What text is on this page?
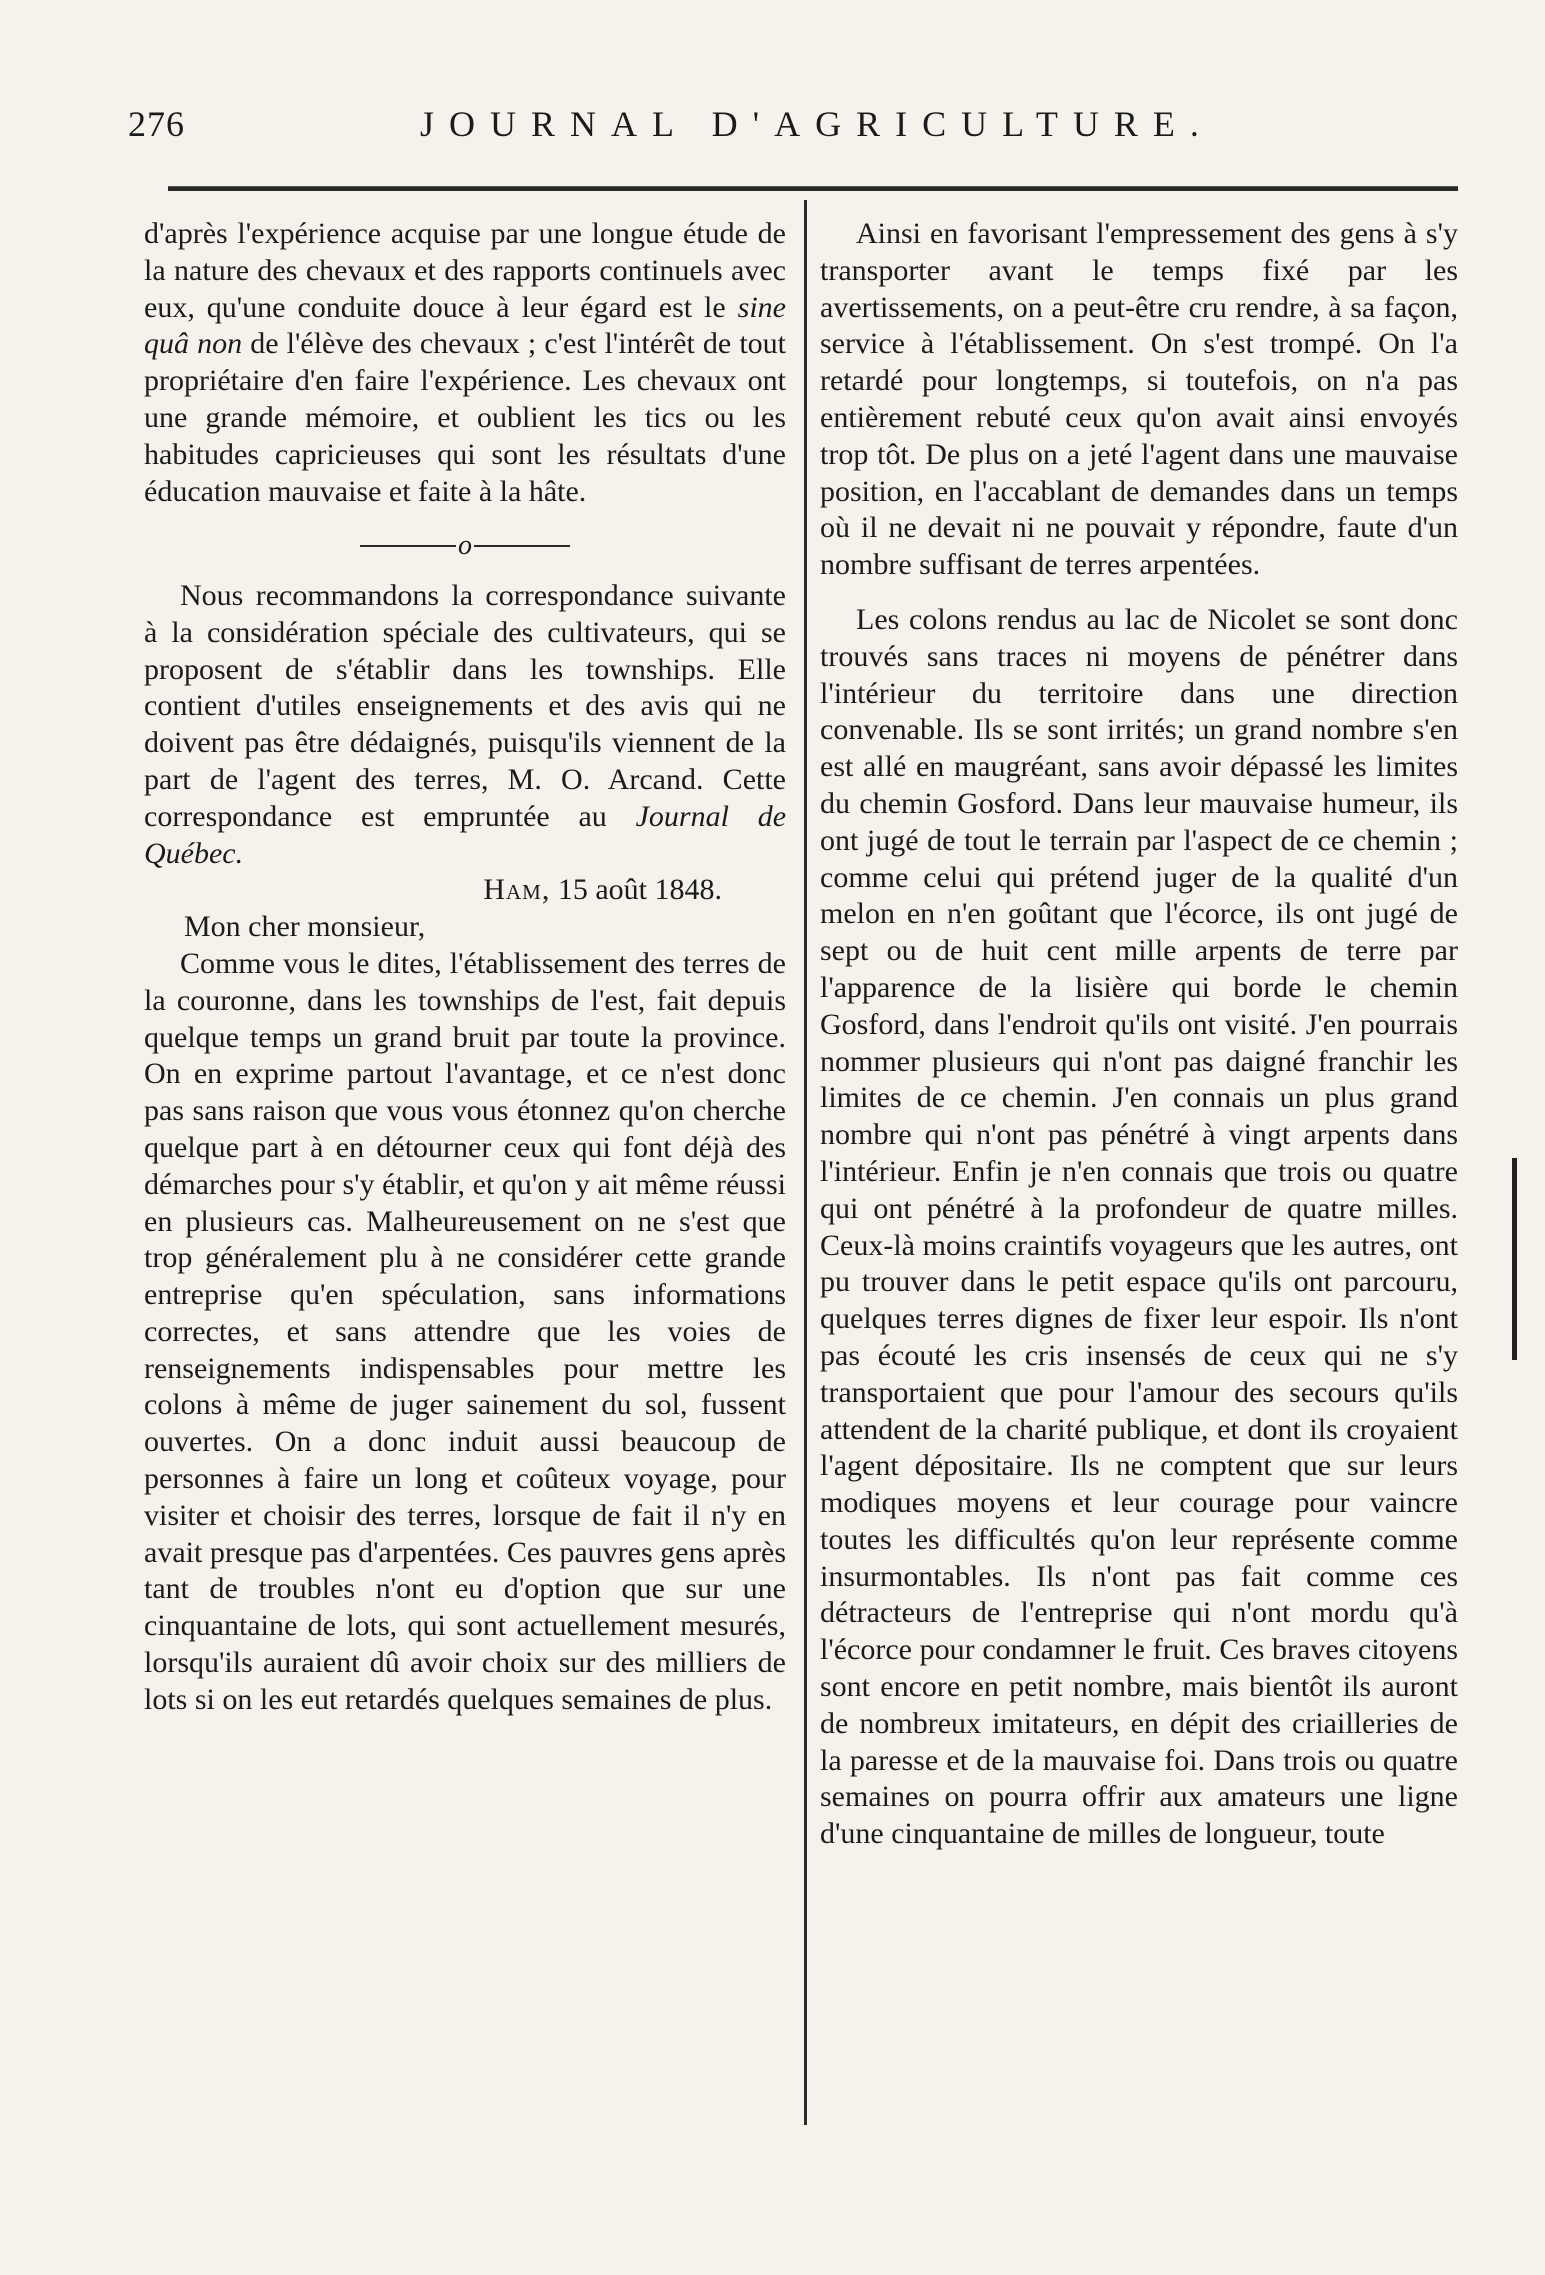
276	JOURNAL D'AGRICULTURE.

d'après l'expérience acquise par une longue étude de la nature des chevaux et des rapports continuels avec eux, qu'une conduite douce à leur égard est le sine quâ non de l'élève des chevaux ; c'est l'intérêt de tout propriétaire d'en faire l'expérience. Les chevaux ont une grande mémoire, et oublient les tics ou les habitudes capricieuses qui sont les résultats d'une éducation mauvaise et faite à la hâte.

o

Nous recommandons la correspondance suivante à la considération spéciale des cultivateurs, qui se proposent de s'établir dans les townships. Elle contient d'utiles enseignements et des avis qui ne doivent pas être dédaignés, puisqu'ils viennent de la part de l'agent des terres, M. O. Arcand. Cette correspondance est empruntée au Journal de Québec.

Ham, 15 août 1848.

Mon cher monsieur,

Comme vous le dites, l'établissement des terres de la couronne, dans les townships de l'est, fait depuis quelque temps un grand bruit par toute la province. On en exprime partout l'avantage, et ce n'est donc pas sans raison que vous vous étonnez qu'on cherche quelque part à en détourner ceux qui font déjà des démarches pour s'y établir, et qu'on y ait même réussi en plusieurs cas. Malheureusement on ne s'est que trop généralement plu à ne considérer cette grande entreprise qu'en spéculation, sans informations correctes, et sans attendre que les voies de renseignements indispensables pour mettre les colons à même de juger sainement du sol, fussent ouvertes. On a donc induit aussi beaucoup de personnes à faire un long et coûteux voyage, pour visiter et choisir des terres, lorsque de fait il n'y en avait presque pas d'arpentées. Ces pauvres gens après tant de troubles n'ont eu d'option que sur une cinquantaine de lots, qui sont actuellement mesurés, lorsqu'ils auraient dû avoir choix sur des milliers de lots si on les eut retardés quelques semaines de plus.

Ainsi en favorisant l'empressement des gens à s'y transporter avant le temps fixé par les avertissements, on a peut-être cru rendre, à sa façon, service à l'établissement. On s'est trompé. On l'a retardé pour longtemps, si toutefois, on n'a pas entièrement rebuté ceux qu'on avait ainsi envoyés trop tôt. De plus on a jeté l'agent dans une mauvaise position, en l'accablant de demandes dans un temps où il ne devait ni ne pouvait y répondre, faute d'un nombre suffisant de terres arpentées.

Les colons rendus au lac de Nicolet se sont donc trouvés sans traces ni moyens de pénétrer dans l'intérieur du territoire dans une direction convenable. Ils se sont irrités; un grand nombre s'en est allé en maugréant, sans avoir dépassé les limites du chemin Gosford. Dans leur mauvaise humeur, ils ont jugé de tout le terrain par l'aspect de ce chemin ; comme celui qui prétend juger de la qualité d'un melon en n'en goûtant que l'écorce, ils ont jugé de sept ou de huit cent mille arpents de terre par l'apparence de la lisière qui borde le chemin Gosford, dans l'endroit qu'ils ont visité. J'en pourrais nommer plusieurs qui n'ont pas daigné franchir les limites de ce chemin. J'en connais un plus grand nombre qui n'ont pas pénétré à vingt arpents dans l'intérieur. Enfin je n'en connais que trois ou quatre qui ont pénétré à la profondeur de quatre milles. Ceux-là moins craintifs voyageurs que les autres, ont pu trouver dans le petit espace qu'ils ont parcouru, quelques terres dignes de fixer leur espoir. Ils n'ont pas écouté les cris insensés de ceux qui ne s'y transportaient que pour l'amour des secours qu'ils attendent de la charité publique, et dont ils croyaient l'agent dépositaire. Ils ne comptent que sur leurs modiques moyens et leur courage pour vaincre toutes les difficultés qu'on leur représente comme insurmontables. Ils n'ont pas fait comme ces détracteurs de l'entreprise qui n'ont mordu qu'à l'écorce pour condamner le fruit. Ces braves citoyens sont encore en petit nombre, mais bientôt ils auront de nombreux imitateurs, en dépit des criailleries de la paresse et de la mauvaise foi. Dans trois ou quatre semaines on pourra offrir aux amateurs une ligne d'une cinquantaine de milles de longueur, toute
